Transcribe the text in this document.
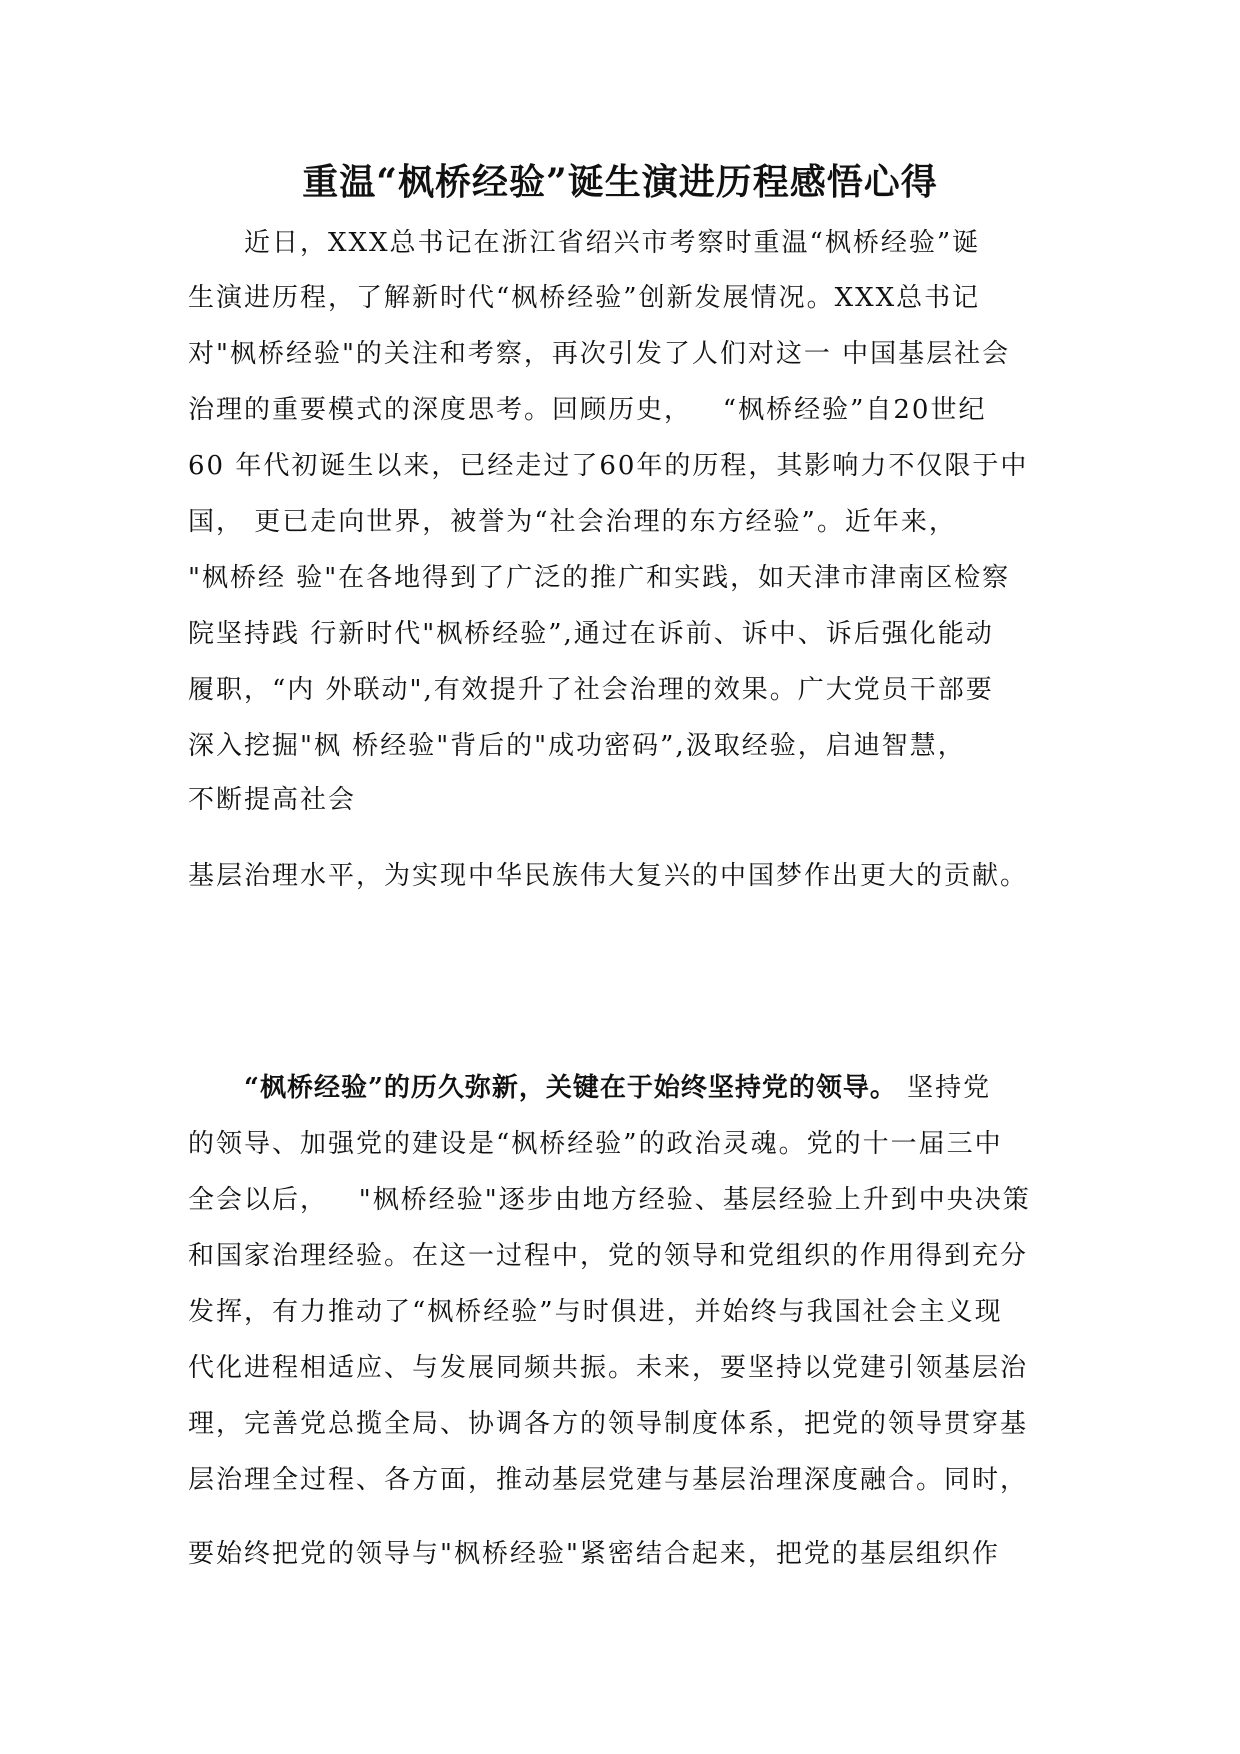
重温“枫桥经验”诞生演进历程感悟心得
近日，XXX总书记在浙江省绍兴市考察时重温“枫桥经验”诞
生演进历程，了解新时代“枫桥经验”创新发展情况。XXX总书记
对"枫桥经验"的关注和考察，再次引发了人们对这一 中国基层社会
治理的重要模式的深度思考。回顾历史，   “枫桥经验”自20世纪
60 年代初诞生以来，已经走过了60年的历程，其影响力不仅限于中
国， 更已走向世界，被誉为“社会治理的东方经验”。近年来，
"枫桥经 验"在各地得到了广泛的推广和实践，如天津市津南区检察
院坚持践 行新时代"枫桥经验”,通过在诉前、诉中、诉后强化能动
履职，“内 外联动",有效提升了社会治理的效果。广大党员干部要
深入挖掘"枫 桥经验"背后的"成功密码”,汲取经验，启迪智慧，
不断提高社会
基层治理水平，为实现中华民族伟大复兴的中国梦作出更大的贡献。
“枫桥经验”的历久弥新，关键在于始终坚持党的领导。 坚持党
的领导、加强党的建设是“枫桥经验”的政治灵魂。党的十一届三中
全会以后，   "枫桥经验"逐步由地方经验、基层经验上升到中央决策
和国家治理经验。在这一过程中，党的领导和党组织的作用得到充分
发挥，有力推动了“枫桥经验”与时俱进，并始终与我国社会主义现
代化进程相适应、与发展同频共振。未来，要坚持以党建引领基层治
理，完善党总揽全局、协调各方的领导制度体系，把党的领导贯穿基
层治理全过程、各方面，推动基层党建与基层治理深度融合。同时，
要始终把党的领导与"枫桥经验"紧密结合起来，把党的基层组织作
